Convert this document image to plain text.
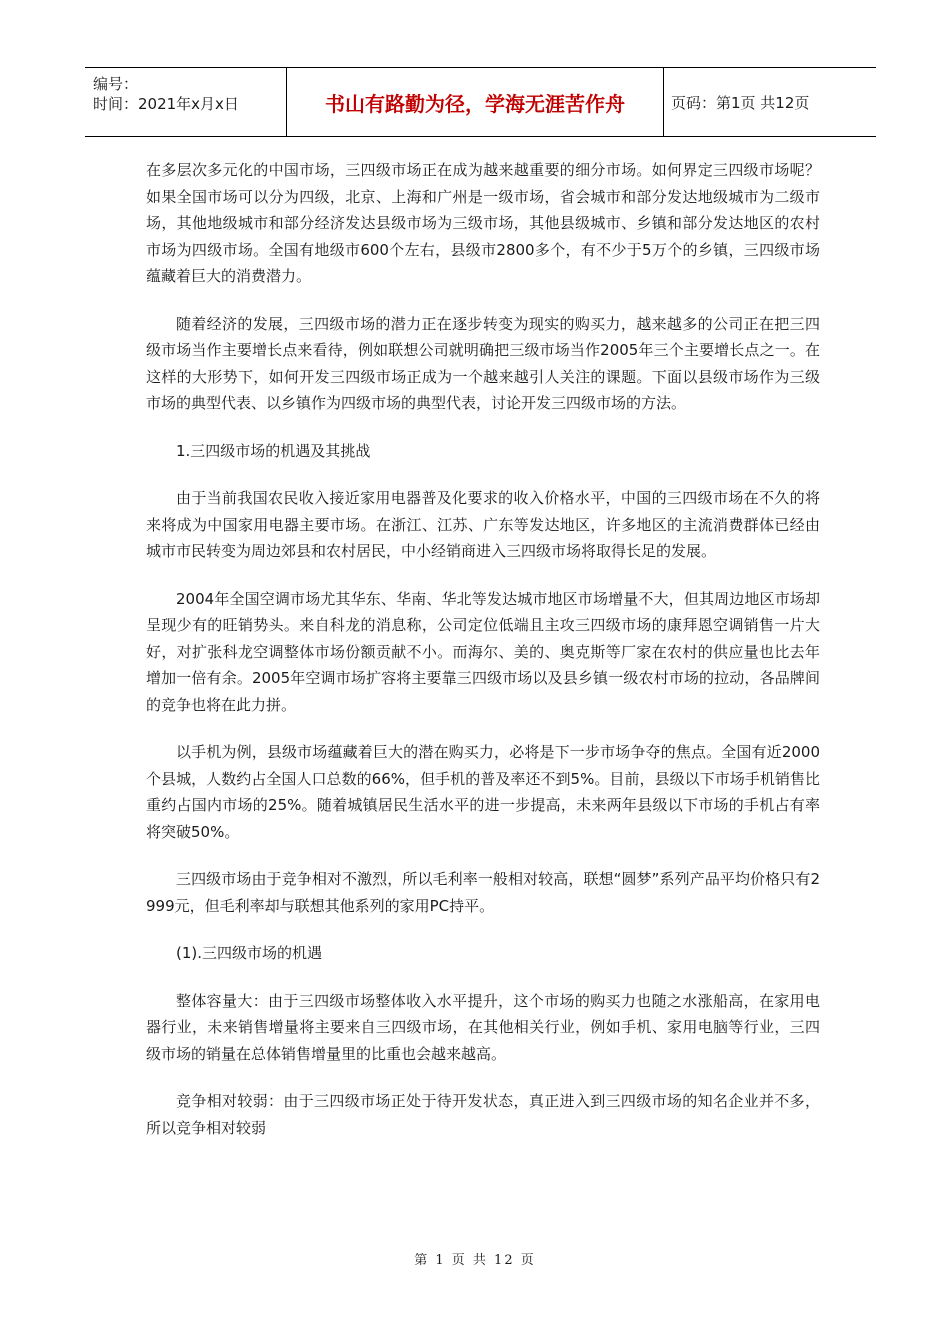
编号：
时间：2021年x月x日	书山有路勤为径，学海无涯苦作舟	页码：第1页 共12页

在多层次多元化的中国市场，三四级市场正在成为越来越重要的细分市场。如何界定三四级市场呢？如果全国市场可以分为四级，北京、上海和广州是一级市场，省会城市和部分发达地级城市为二级市场，其他地级城市和部分经济发达县级市场为三级市场，其他县级城市、乡镇和部分发达地区的农村市场为四级市场。全国有地级市600个左右，县级市2800多个，有不少于5万个的乡镇，三四级市场蕴藏着巨大的消费潜力。

随着经济的发展，三四级市场的潜力正在逐步转变为现实的购买力，越来越多的公司正在把三四级市场当作主要增长点来看待，例如联想公司就明确把三级市场当作2005年三个主要增长点之一。在这样的大形势下，如何开发三四级市场正成为一个越来越引人关注的课题。下面以县级市场作为三级市场的典型代表、以乡镇作为四级市场的典型代表，讨论开发三四级市场的方法。

1.三四级市场的机遇及其挑战

由于当前我国农民收入接近家用电器普及化要求的收入价格水平，中国的三四级市场在不久的将来将成为中国家用电器主要市场。在浙江、江苏、广东等发达地区，许多地区的主流消费群体已经由城市市民转变为周边郊县和农村居民，中小经销商进入三四级市场将取得长足的发展。

2004年全国空调市场尤其华东、华南、华北等发达城市地区市场增量不大，但其周边地区市场却呈现少有的旺销势头。来自科龙的消息称，公司定位低端且主攻三四级市场的康拜恩空调销售一片大好，对扩张科龙空调整体市场份额贡献不小。而海尔、美的、奥克斯等厂家在农村的供应量也比去年增加一倍有余。2005年空调市场扩容将主要靠三四级市场以及县乡镇一级农村市场的拉动，各品牌间的竞争也将在此力拼。

以手机为例，县级市场蕴藏着巨大的潜在购买力，必将是下一步市场争夺的焦点。全国有近2000个县城，人数约占全国人口总数的66%，但手机的普及率还不到5%。目前，县级以下市场手机销售比重约占国内市场的25%。随着城镇居民生活水平的进一步提高，未来两年县级以下市场的手机占有率将突破50%。

三四级市场由于竞争相对不激烈，所以毛利率一般相对较高，联想“圆梦”系列产品平均价格只有2999元，但毛利率却与联想其他系列的家用PC持平。

(1).三四级市场的机遇

整体容量大：由于三四级市场整体收入水平提升，这个市场的购买力也随之水涨船高，在家用电器行业，未来销售增量将主要来自三四级市场，在其他相关行业，例如手机、家用电脑等行业，三四级市场的销量在总体销售增量里的比重也会越来越高。

竞争相对较弱：由于三四级市场正处于待开发状态，真正进入到三四级市场的知名企业并不多，所以竞争相对较弱

第 1 页 共 12 页
